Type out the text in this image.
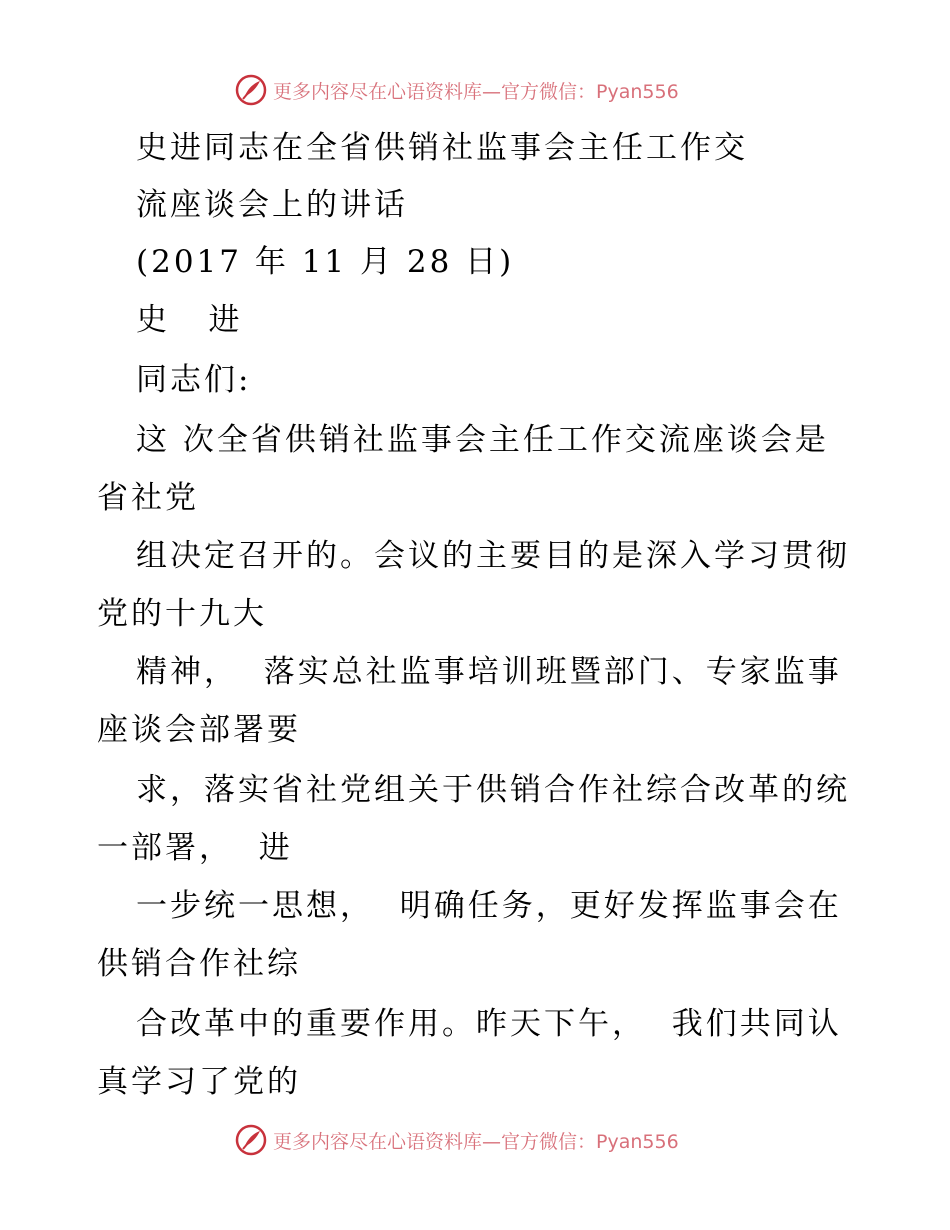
更多内容尽在心语资料库—官方微信：Pyan556

史进同志在全省供销社监事会主任工作交

流座谈会上的讲话

(2017 年 11 月 28 日)

史   进

同志们:

这 次全省供销社监事会主任工作交流座谈会是

省社党

组决定召开的。会议的主要目的是深入学习贯彻

党的十九大

精神，  落实总社监事培训班暨部门、专家监事

座谈会部署要

求，落实省社党组关于供销合作社综合改革的统

一部署，  进

一步统一思想，  明确任务，更好发挥监事会在

供销合作社综

合改革中的重要作用。昨天下午，  我们共同认

真学习了党的

更多内容尽在心语资料库—官方微信：Pyan556
